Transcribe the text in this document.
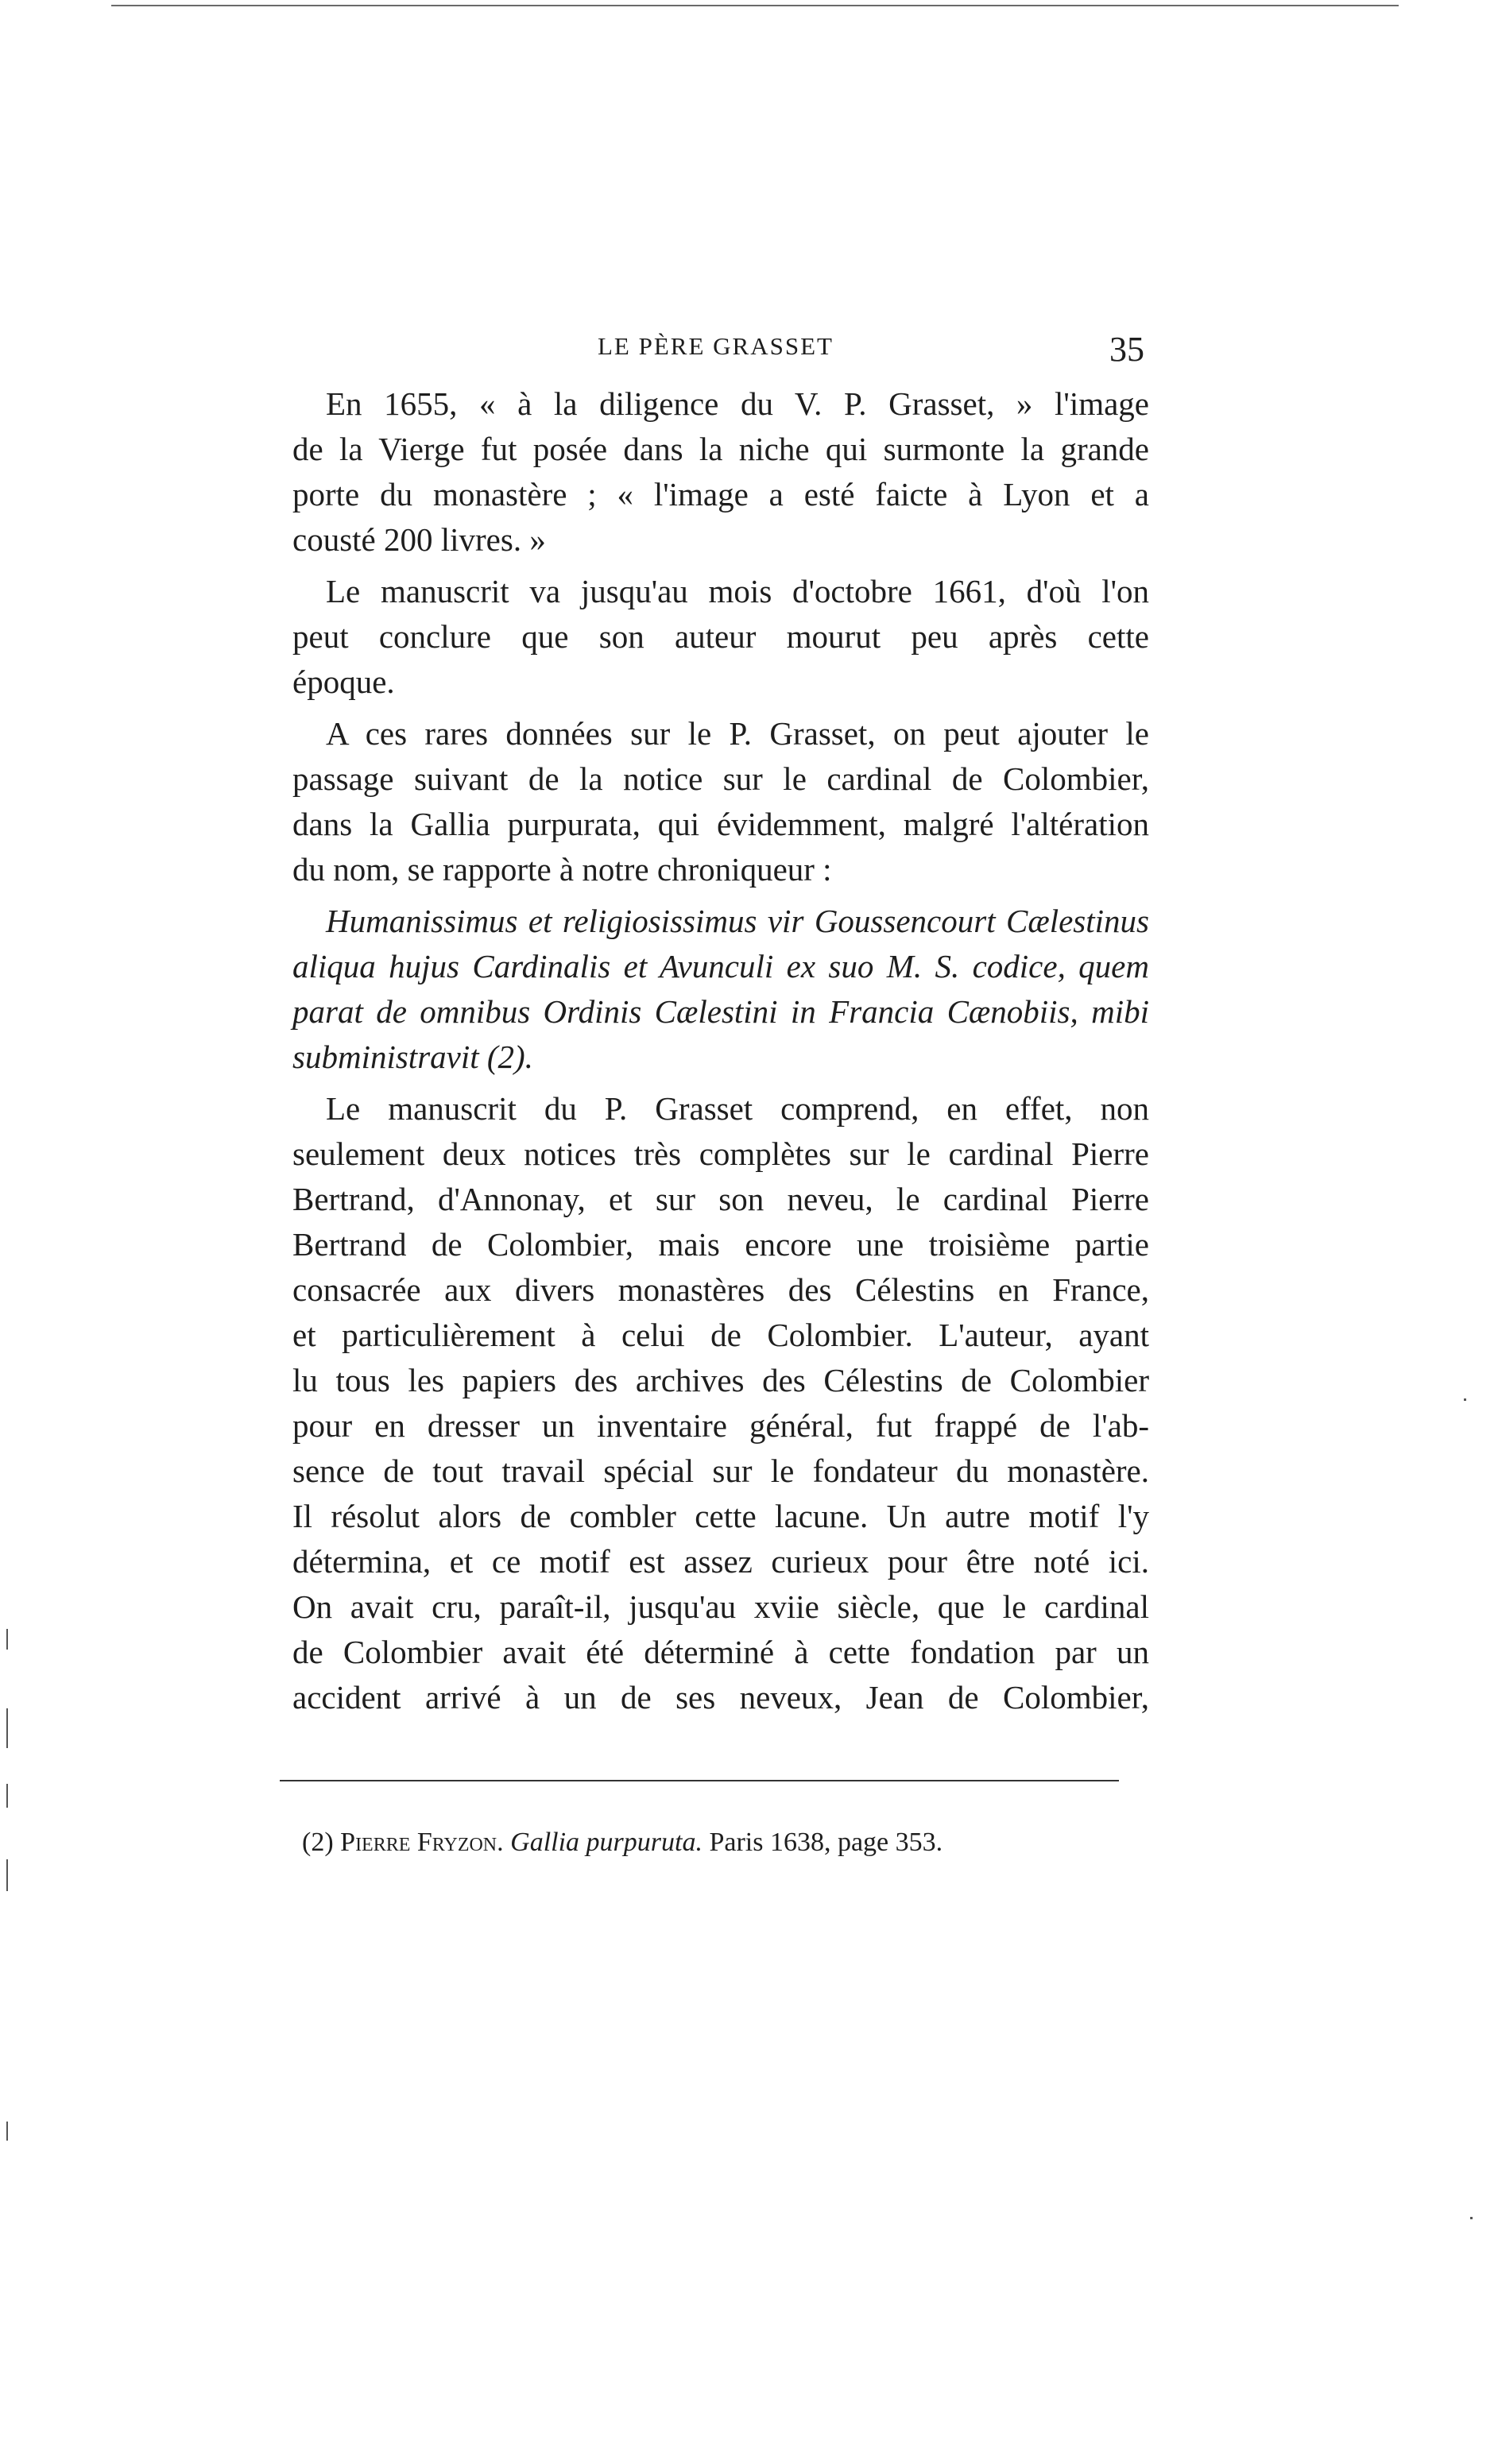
LE PÈRE GRASSET	35
En 1655, « à la diligence du V. P. Grasset, » l'image
de la Vierge fut posée dans la niche qui surmonte la grande
porte du monastère ; « l'image a esté faicte à Lyon et a
cousté 200 livres. »
Le manuscrit va jusqu'au mois d'octobre 1661, d'où l'on
peut conclure que son auteur mourut peu après cette
époque.
A ces rares données sur le P. Grasset, on peut ajouter le
passage suivant de la notice sur le cardinal de Colombier,
dans la Gallia purpurata, qui évidemment, malgré l'altération
du nom, se rapporte à notre chroniqueur :
Humanissimus et religiosissimus vir Goussencourt Cælestinus
aliqua hujus Cardinalis et Avunculi ex suo M. S. codice, quem
parat de omnibus Ordinis Cælestini in Francia Cænobiis, mibi
subministravit (2).
Le manuscrit du P. Grasset comprend, en effet, non
seulement deux notices très complètes sur le cardinal Pierre
Bertrand, d'Annonay, et sur son neveu, le cardinal Pierre
Bertrand de Colombier, mais encore une troisième partie
consacrée aux divers monastères des Célestins en France,
et particulièrement à celui de Colombier. L'auteur, ayant
lu tous les papiers des archives des Célestins de Colombier
pour en dresser un inventaire général, fut frappé de l'ab-
sence de tout travail spécial sur le fondateur du monastère.
Il résolut alors de combler cette lacune. Un autre motif l'y
détermina, et ce motif est assez curieux pour être noté ici.
On avait cru, paraît-il, jusqu'au xviie siècle, que le cardinal
de Colombier avait été déterminé à cette fondation par un
accident arrivé à un de ses neveux, Jean de Colombier,
(2) Pierre Fryzon. Gallia purpuruta. Paris 1638, page 353.
